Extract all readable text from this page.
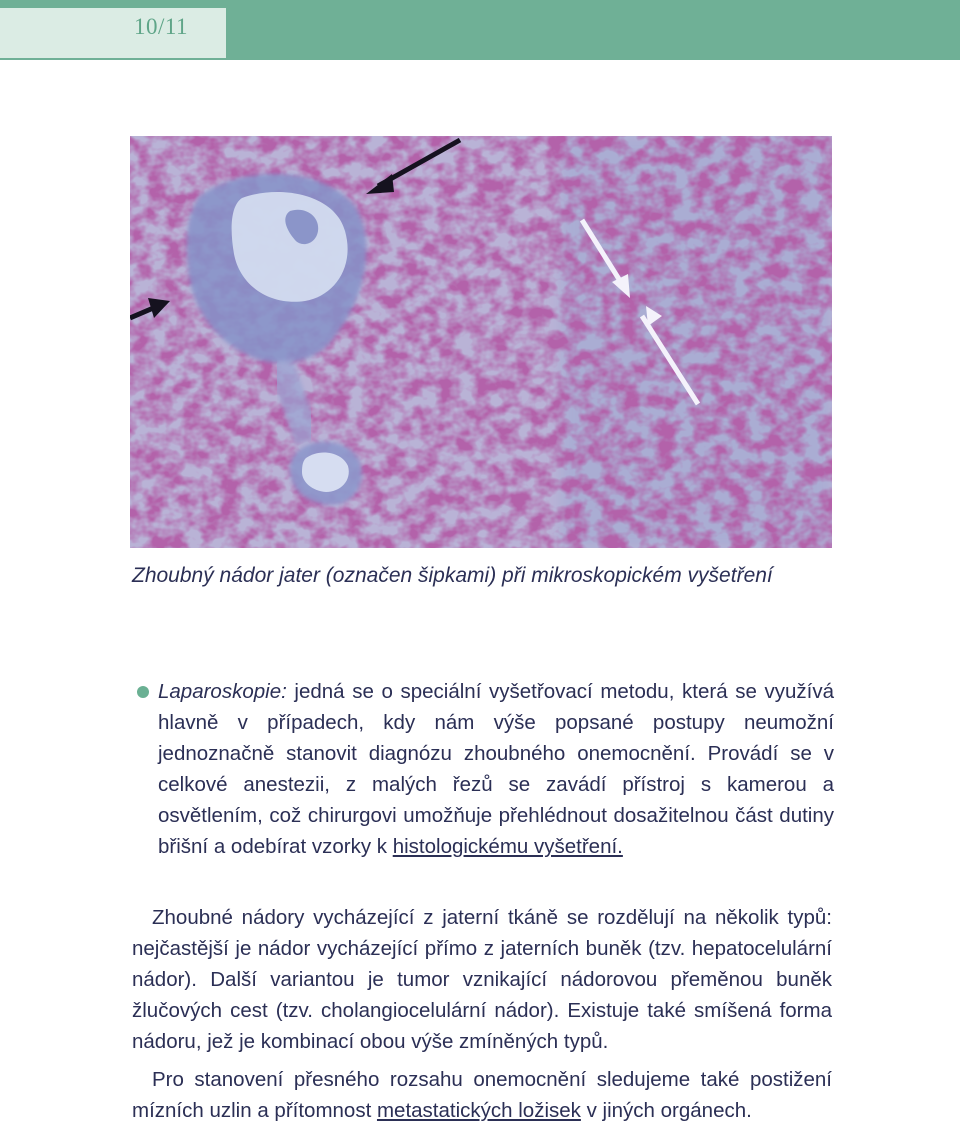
10/11
Zhoubný nádor jater (označen šipkami) při mikroskopickém vyšetření

Laparoskopie: jedná se o speciální vyšetřovací metodu, která se využívá hlavně v případech, kdy nám výše popsané postupy neumožní jednoznačně stanovit diagnózu zhoubného onemocnění. Provádí se v celkové anestezii, z malých řezů se zavádí přístroj s kamerou a osvětlením, což chirurgovi umožňuje přehlédnout dosažitelnou část dutiny břišní a odebírat vzorky k histologickému vyšetření.

Zhoubné nádory vycházející z jaterní tkáně se rozdělují na několik typů: nejčastější je nádor vycházející přímo z jaterních buněk (tzv. hepatocelulární nádor). Další variantou je tumor vznikající nádorovou přeměnou buněk žlučových cest (tzv. cholangiocelulární nádor). Existuje také smíšená forma nádoru, jež je kombinací obou výše zmíněných typů.

Pro stanovení přesného rozsahu onemocnění sledujeme také postižení mízních uzlin a přítomnost metastatických ložisek v jiných orgánech.
